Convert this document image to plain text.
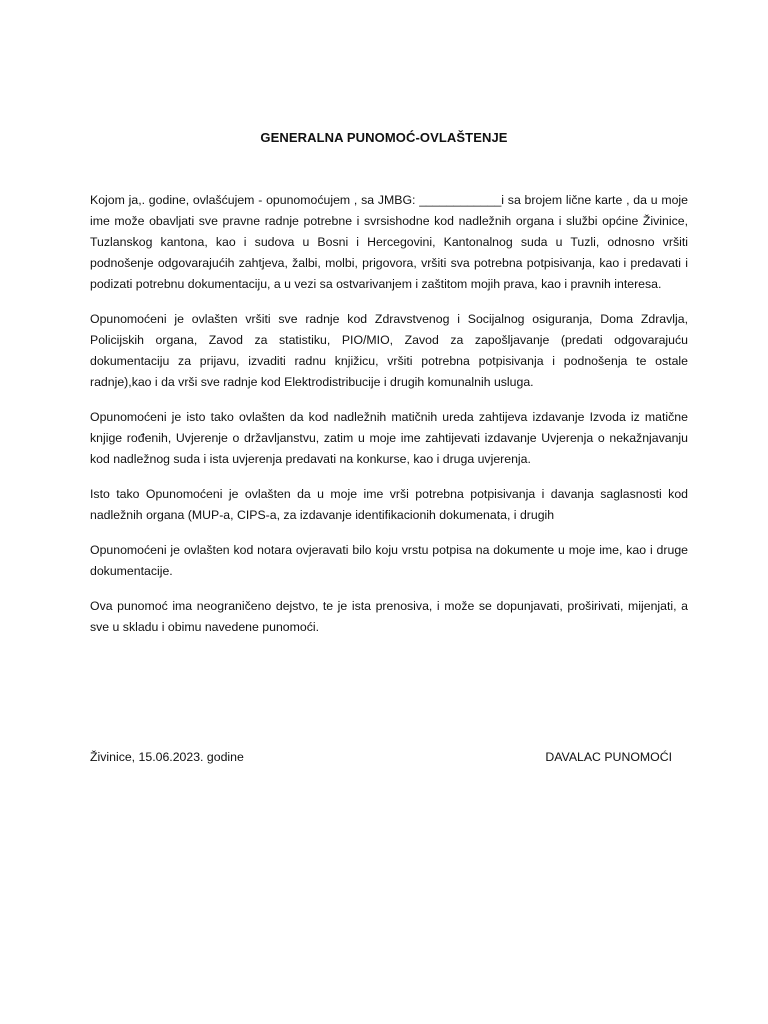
GENERALNA PUNOMOĆ-OVLAŠTENJE

Kojom ja,. godine, ovlašćujem - opunomoćujem , sa JMBG: ____________i sa brojem lične karte , da u moje ime može obavljati sve pravne radnje potrebne i svrsishodne kod nadležnih organa i službi općine Živinice, Tuzlanskog kantona, kao i sudova u Bosni i Hercegovini, Kantonalnog suda u Tuzli, odnosno vršiti podnošenje odgovarajućih zahtjeva, žalbi, molbi, prigovora, vršiti sva potrebna potpisivanja, kao i predavati i podizati potrebnu dokumentaciju, a u vezi sa ostvarivanjem i zaštitom mojih prava, kao i pravnih interesa.

Opunomoćeni je ovlašten vršiti sve radnje kod Zdravstvenog i Socijalnog osiguranja, Doma Zdravlja, Policijskih organa, Zavod za statistiku, PIO/MIO, Zavod za zapošljavanje (predati odgovarajuću dokumentaciju za prijavu, izvaditi radnu knjižicu, vršiti potrebna potpisivanja i podnošenja te ostale radnje),kao i da vrši sve radnje kod Elektrodistribucije i drugih komunalnih usluga.

Opunomoćeni je isto tako ovlašten da kod nadležnih matičnih ureda zahtijeva izdavanje Izvoda iz matične knjige rođenih, Uvjerenje o državljanstvu, zatim u moje ime zahtijevati izdavanje Uvjerenja o nekažnjavanju kod nadležnog suda i ista uvjerenja predavati na konkurse, kao i druga uvjerenja.

Isto tako Opunomoćeni je ovlašten da u moje ime vrši potrebna potpisivanja i davanja saglasnosti kod nadležnih organa (MUP-a, CIPS-a, za izdavanje identifikacionih dokumenata, i drugih

Opunomoćeni je ovlašten kod notara ovjeravati bilo koju vrstu potpisa na dokumente u moje ime, kao i druge dokumentacije.

Ova punomoć ima neograničeno dejstvo, te je ista prenosiva, i može se dopunjavati, proširivati, mijenjati, a sve u skladu i obimu navedene punomoći.

Živinice, 15.06.2023. godine	DAVALAC PUNOMOĆI
